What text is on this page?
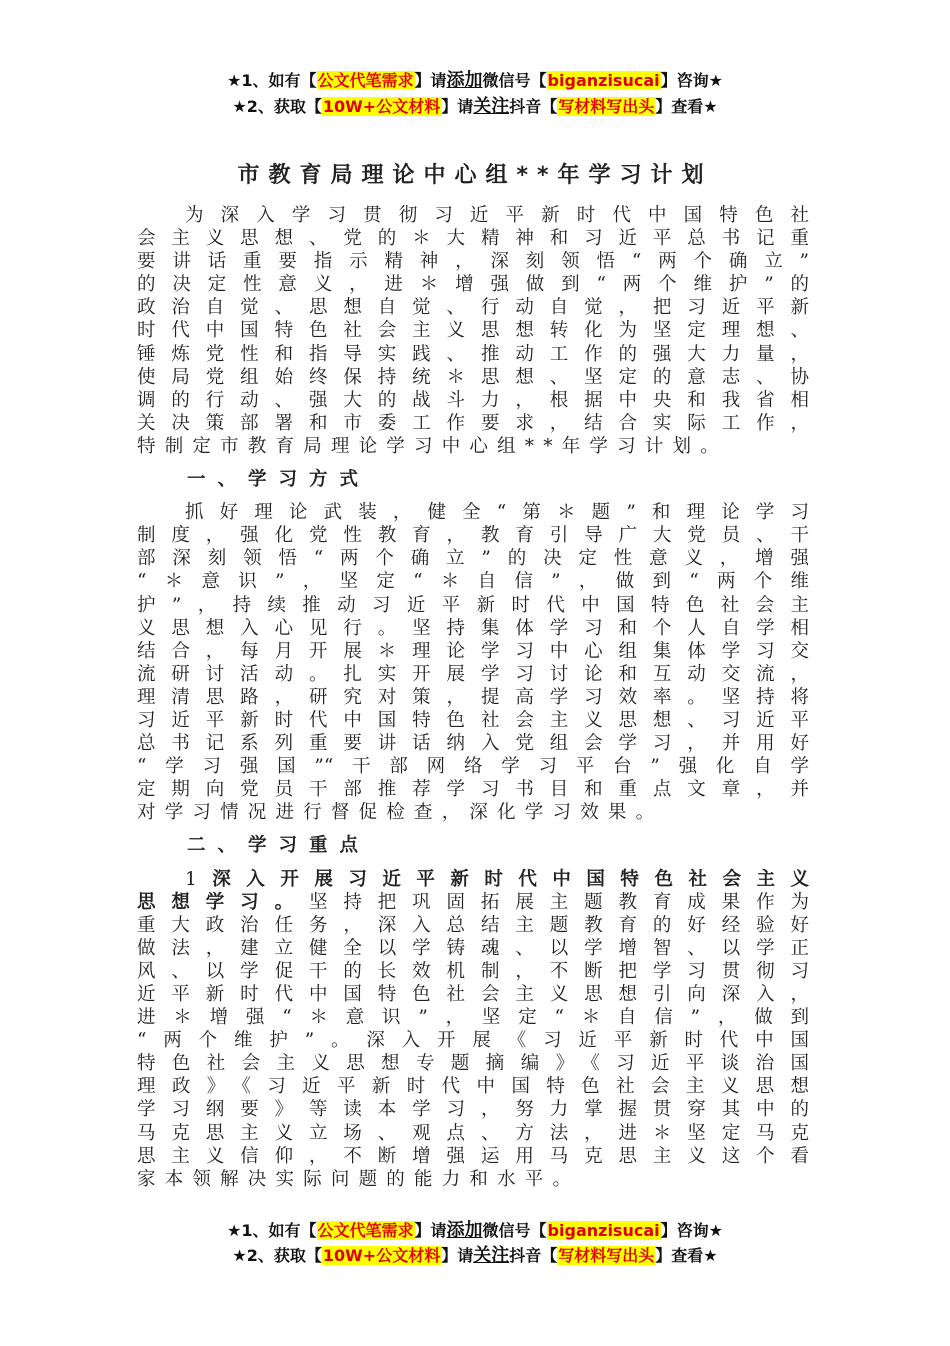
★1、如有【公文代笔需求】请添加微信号【biganzisucai】咨询★
★2、获取【10W+公文材料】请关注抖音【写材料写出头】查看★
市教育局理论中心组**年学习计划
为深入学习贯彻习近平新时代中国特色社
会主义思想、党的＊大精神和习近平总书记重
要讲话重要指示精神，深刻领悟“两个确立”
的决定性意义，进＊增强做到“两个维护”的
政治自觉、思想自觉、行动自觉，把习近平新
时代中国特色社会主义思想转化为坚定理想、
锤炼党性和指导实践、推动工作的强大力量，
使局党组始终保持统＊思想、坚定的意志、协
调的行动、强大的战斗力，根据中央和我省相
关决策部署和市委工作要求，结合实际工作，
特制定市教育局理论学习中心组**年学习计划。
一、学习方式
抓好理论武装，健全“第＊题”和理论学习
制度，强化党性教育，教育引导广大党员、干
部深刻领悟“两个确立”的决定性意义，增强
“＊意识”，坚定“＊自信”，做到“两个维
护”，持续推动习近平新时代中国特色社会主
义思想入心见行。坚持集体学习和个人自学相
结合，每月开展＊理论学习中心组集体学习交
流研讨活动。扎实开展学习讨论和互动交流，
理清思路，研究对策，提高学习效率。坚持将
习近平新时代中国特色社会主义思想、习近平
总书记系列重要讲话纳入党组会学习，并用好
“学习强国”“干部网络学习平台”强化自学
定期向党员干部推荐学习书目和重点文章，并
对学习情况进行督促检查，深化学习效果。
二、学习重点
1深入开展习近平新时代中国特色社会主义
思想学习。坚持把巩固拓展主题教育成果作为
重大政治任务，深入总结主题教育的好经验好
做法，建立健全以学铸魂、以学增智、以学正
风、以学促干的长效机制，不断把学习贯彻习
近平新时代中国特色社会主义思想引向深入，
进＊增强“＊意识”，坚定“＊自信”，做到
“两个维护”。深入开展《习近平新时代中国
特色社会主义思想专题摘编》《习近平谈治国
理政》《习近平新时代中国特色社会主义思想
学习纲要》等读本学习，努力掌握贯穿其中的
马克思主义立场、观点、方法，进＊坚定马克
思主义信仰，不断增强运用马克思主义这个看
家本领解决实际问题的能力和水平。
★1、如有【公文代笔需求】请添加微信号【biganzisucai】咨询★
★2、获取【10W+公文材料】请关注抖音【写材料写出头】查看★
